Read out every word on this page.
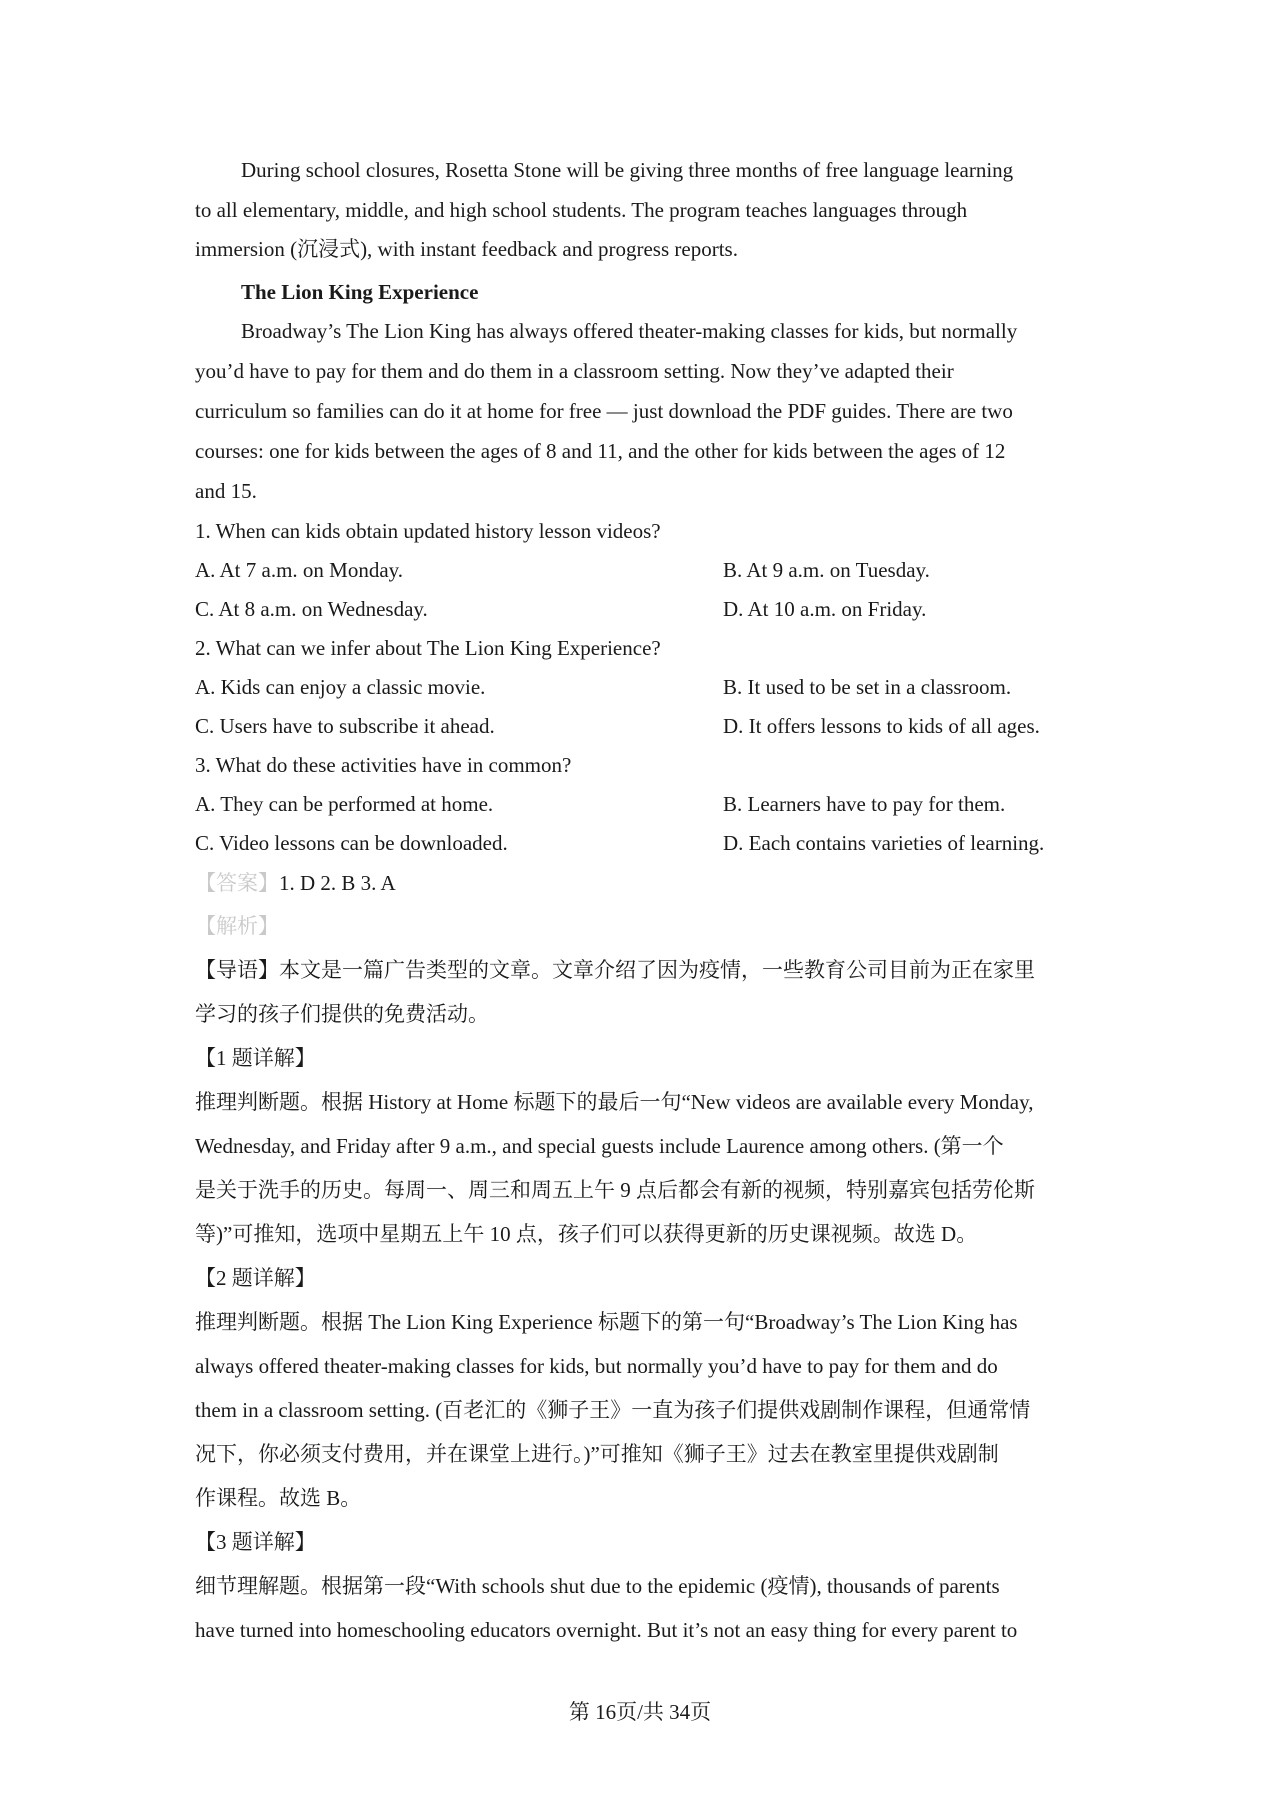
During school closures, Rosetta Stone will be giving three months of free language learning
to all elementary, middle, and high school students. The program teaches languages through
immersion (沉浸式), with instant feedback and progress reports.
The Lion King Experience
Broadway’s The Lion King has always offered theater-making classes for kids, but normally
you’d have to pay for them and do them in a classroom setting. Now they’ve adapted their
curriculum so families can do it at home for free — just download the PDF guides. There are two
courses: one for kids between the ages of 8 and 11, and the other for kids between the ages of 12
and 15.
1. When can kids obtain updated history lesson videos?
A. At 7 a.m. on Monday.	B. At 9 a.m. on Tuesday.
C. At 8 a.m. on Wednesday.	D. At 10 a.m. on Friday.
2. What can we infer about The Lion King Experience?
A. Kids can enjoy a classic movie.	B. It used to be set in a classroom.
C. Users have to subscribe it ahead.	D. It offers lessons to kids of all ages.
3. What do these activities have in common?
A. They can be performed at home.	B. Learners have to pay for them.
C. Video lessons can be downloaded.	D. Each contains varieties of learning.
【答案】1. D 2. B 3. A
【解析】
【导语】本文是一篇广告类型的文章。文章介绍了因为疫情，一些教育公司目前为正在家里
学习的孩子们提供的免费活动。
【1 题详解】
推理判断题。根据 History at Home 标题下的最后一句“New videos are available every Monday,
Wednesday, and Friday after 9 a.m., and special guests include Laurence among others. (第一个
是关于洗手的历史。每周一、周三和周五上午 9 点后都会有新的视频，特别嘉宾包括劳伦斯
等)”可推知，选项中星期五上午 10 点，孩子们可以获得更新的历史课视频。故选 D。
【2 题详解】
推理判断题。根据 The Lion King Experience 标题下的第一句“Broadway’s The Lion King has
always offered theater-making classes for kids, but normally you’d have to pay for them and do
them in a classroom setting. (百老汇的《狮子王》一直为孩子们提供戏剧制作课程，但通常情
况下，你必须支付费用，并在课堂上进行。)”可推知《狮子王》过去在教室里提供戏剧制
作课程。故选 B。
【3 题详解】
细节理解题。根据第一段“With schools shut due to the epidemic (疫情), thousands of parents
have turned into homeschooling educators overnight. But it’s not an easy thing for every parent to
第 16页/共 34页
